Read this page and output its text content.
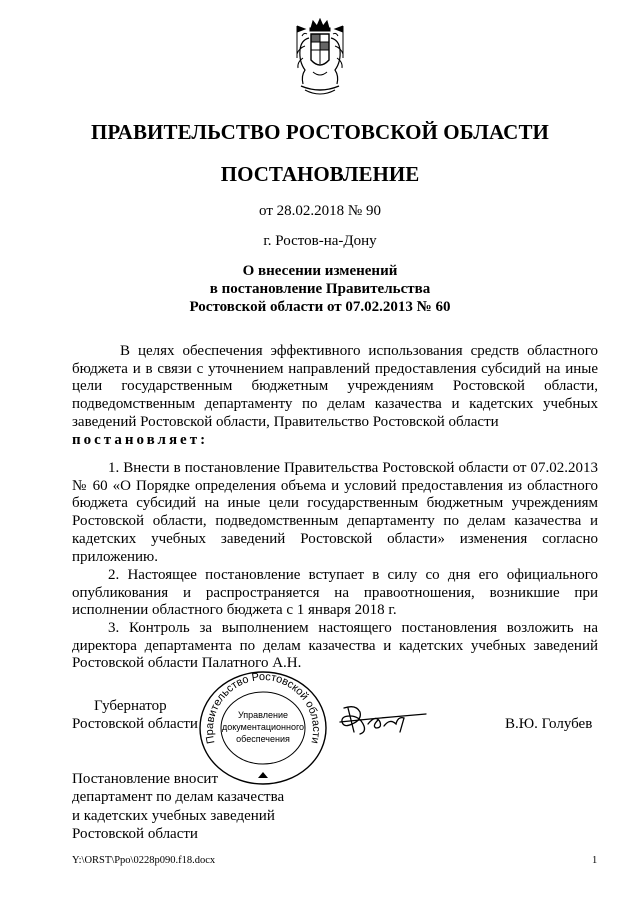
ПРАВИТЕЛЬСТВО РОСТОВСКОЙ ОБЛАСТИ
ПОСТАНОВЛЕНИЕ
от 28.02.2018 № 90
г. Ростов-на-Дону
О внесении изменений
в постановление Правительства
Ростовской области от 07.02.2013 № 60
В целях обеспечения эффективного использования средств областного бюджета и в связи с уточнением направлений предоставления субсидий на иные цели государственным бюджетным учреждениям Ростовской области, подведомственным департаменту по делам казачества и кадетских учебных заведений Ростовской области, Правительство Ростовской области
постановляет:
1. Внести в постановление Правительства Ростовской области от 07.02.2013 № 60 «О Порядке определения объема и условий предоставления из областного бюджета субсидий на иные цели государственным бюджетным учреждениям Ростовской области, подведомственным департаменту по делам казачества и кадетских учебных заведений Ростовской области» изменения согласно приложению.
2. Настоящее постановление вступает в силу со дня его официального опубликования и распространяется на правоотношения, возникшие при исполнении областного бюджета с 1 января 2018 г.
3. Контроль за выполнением настоящего постановления возложить на директора департамента по делам казачества и кадетских учебных заведений Ростовской области Палатного А.Н.
Губернатор
Ростовской области
Правительство Ростовской области
Управление
документационного
обеспечения
В.Ю. Голубев
Постановление вносит
департамент по делам казачества
и кадетских учебных заведений
Ростовской области
Y:\ORST\Ppo\0228p090.f18.docx	1
